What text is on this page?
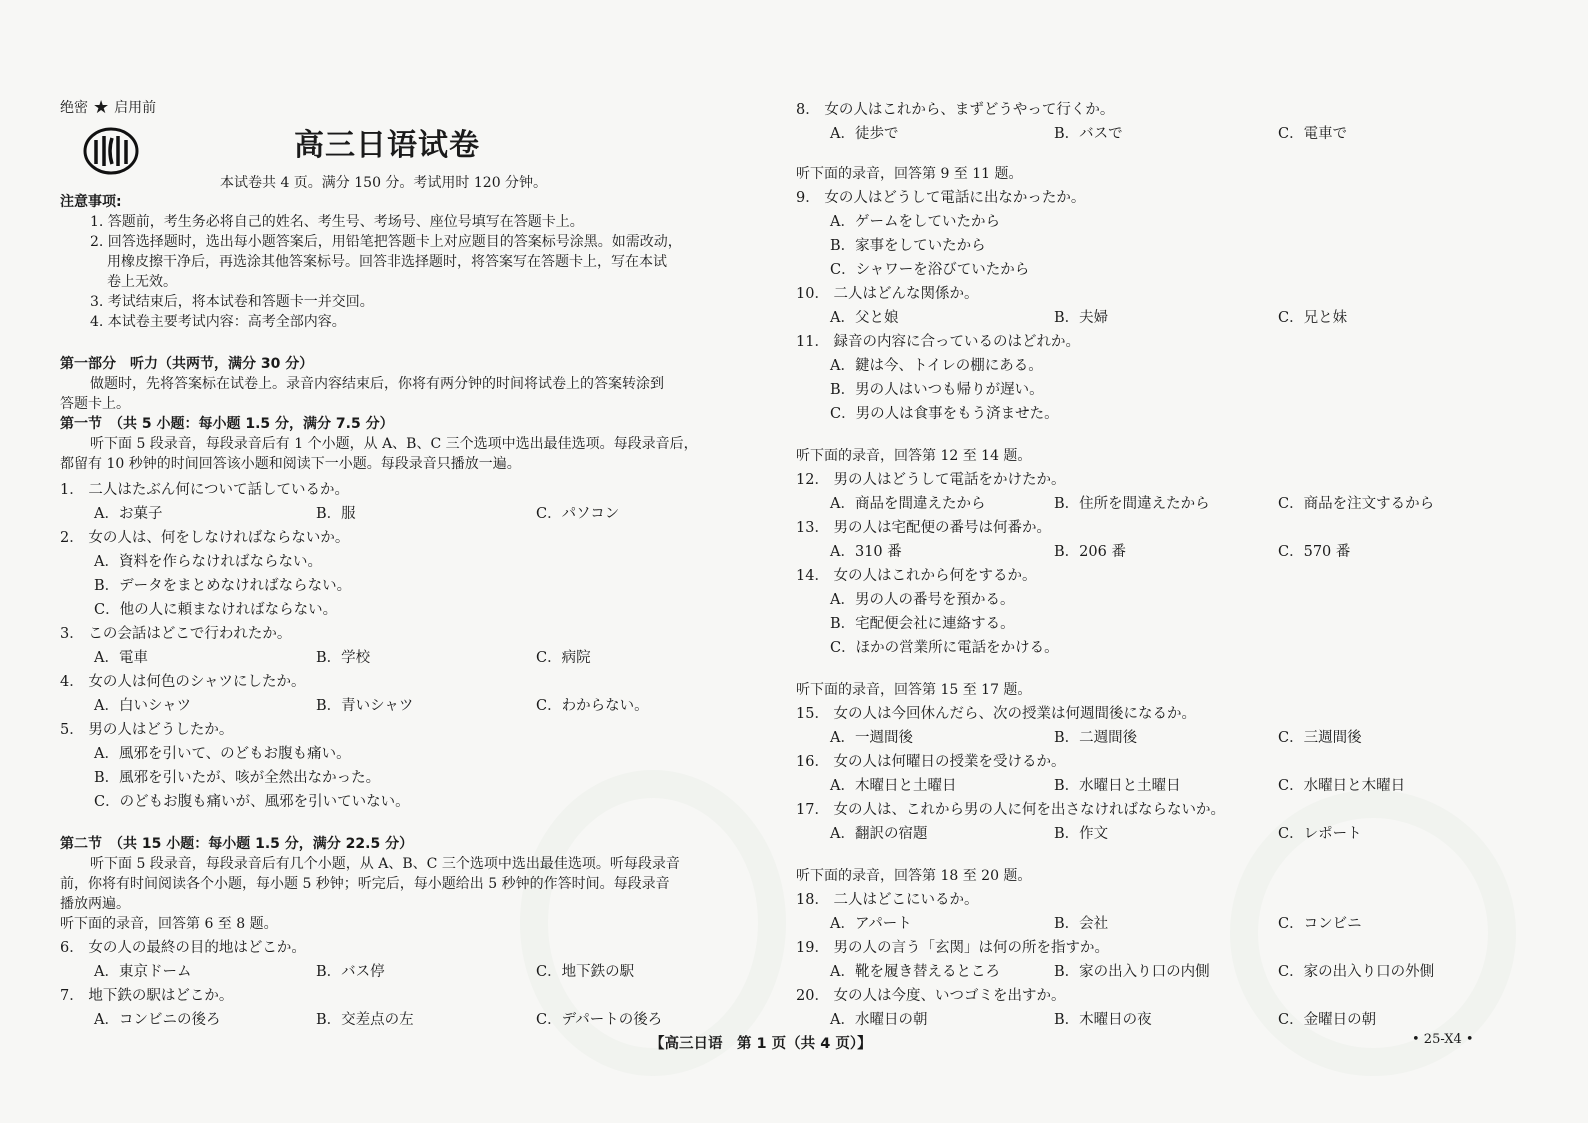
绝密 ★ 启用前
高三日语试卷
本试卷共 4 页。满分 150 分。考试用时 120 分钟。
注意事项:
1. 答题前，考生务必将自己的姓名、考生号、考场号、座位号填写在答题卡上。
2. 回答选择题时，选出每小题答案后，用铅笔把答题卡上对应题目的答案标号涂黑。如需改动，
用橡皮擦干净后，再选涂其他答案标号。回答非选择题时，将答案写在答题卡上，写在本试
卷上无效。
3. 考试结束后，将本试卷和答题卡一并交回。
4. 本试卷主要考试内容：高考全部内容。
第一部分　听力（共两节，满分 30 分）
做题时，先将答案标在试卷上。录音内容结束后，你将有两分钟的时间将试卷上的答案转涂到
答题卡上。
第一节　（共 5 小题：每小题 1.5 分，满分 7.5 分）
听下面 5 段录音，每段录音后有 1 个小题，从 A、B、C 三个选项中选出最佳选项。每段录音后，
都留有 10 秒钟的时间回答该小题和阅读下一小题。每段录音只播放一遍。
1． 二人はたぶん何について話しているか。
A．お菓子	B．服	C．パソコン
2． 女の人は、何をしなければならないか。
A．資料を作らなければならない。
B．データをまとめなければならない。
C．他の人に頼まなければならない。
3． この会話はどこで行われたか。
A．電車	B．学校	C．病院
4． 女の人は何色のシャツにしたか。
A．白いシャツ	B．青いシャツ	C．わからない。
5． 男の人はどうしたか。
A．風邪を引いて、のどもお腹も痛い。
B．風邪を引いたが、咳が全然出なかった。
C．のどもお腹も痛いが、風邪を引いていない。
第二节　（共 15 小题：每小题 1.5 分，满分 22.5 分）
听下面 5 段录音，每段录音后有几个小题，从 A、B、C 三个选项中选出最佳选项。听每段录音
前，你将有时间阅读各个小题，每小题 5 秒钟；听完后，每小题给出 5 秒钟的作答时间。每段录音
播放两遍。
听下面的录音，回答第 6 至 8 题。
6． 女の人の最終の目的地はどこか。
A．東京ドーム	B．バス停	C．地下鉄の駅
7． 地下鉄の駅はどこか。
A．コンビニの後ろ	B．交差点の左	C．デパートの後ろ
8． 女の人はこれから、まずどうやって行くか。
A．徒歩で	B．バスで	C．電車で
听下面的录音，回答第 9 至 11 题。
9． 女の人はどうして電話に出なかったか。
A．ゲームをしていたから
B．家事をしていたから
C．シャワーを浴びていたから
10． 二人はどんな関係か。
A．父と娘	B．夫婦	C．兄と妹
11． 録音の内容に合っているのはどれか。
A．鍵は今、トイレの棚にある。
B．男の人はいつも帰りが遅い。
C．男の人は食事をもう済ませた。
听下面的录音，回答第 12 至 14 题。
12． 男の人はどうして電話をかけたか。
A．商品を間違えたから	B．住所を間違えたから	C．商品を注文するから
13． 男の人は宅配便の番号は何番か。
A．310 番	B．206 番	C．570 番
14． 女の人はこれから何をするか。
A．男の人の番号を預かる。
B．宅配便会社に連絡する。
C．ほかの営業所に電話をかける。
听下面的录音，回答第 15 至 17 题。
15． 女の人は今回休んだら、次の授業は何週間後になるか。
A．一週間後	B．二週間後	C．三週間後
16． 女の人は何曜日の授業を受けるか。
A．木曜日と土曜日	B．水曜日と土曜日	C．水曜日と木曜日
17． 女の人は、これから男の人に何を出さなければならないか。
A．翻訳の宿題	B．作文	C．レポート
听下面的录音，回答第 18 至 20 题。
18． 二人はどこにいるか。
A．アパート	B．会社	C．コンビニ
19． 男の人の言う「玄関」は何の所を指すか。
A．靴を履き替えるところ	B．家の出入り口の内側	C．家の出入り口の外側
20． 女の人は今度、いつゴミを出すか。
A．水曜日の朝	B．木曜日の夜	C．金曜日の朝
【高三日语　第 1 页（共 4 页）】	• 25-X4 •
